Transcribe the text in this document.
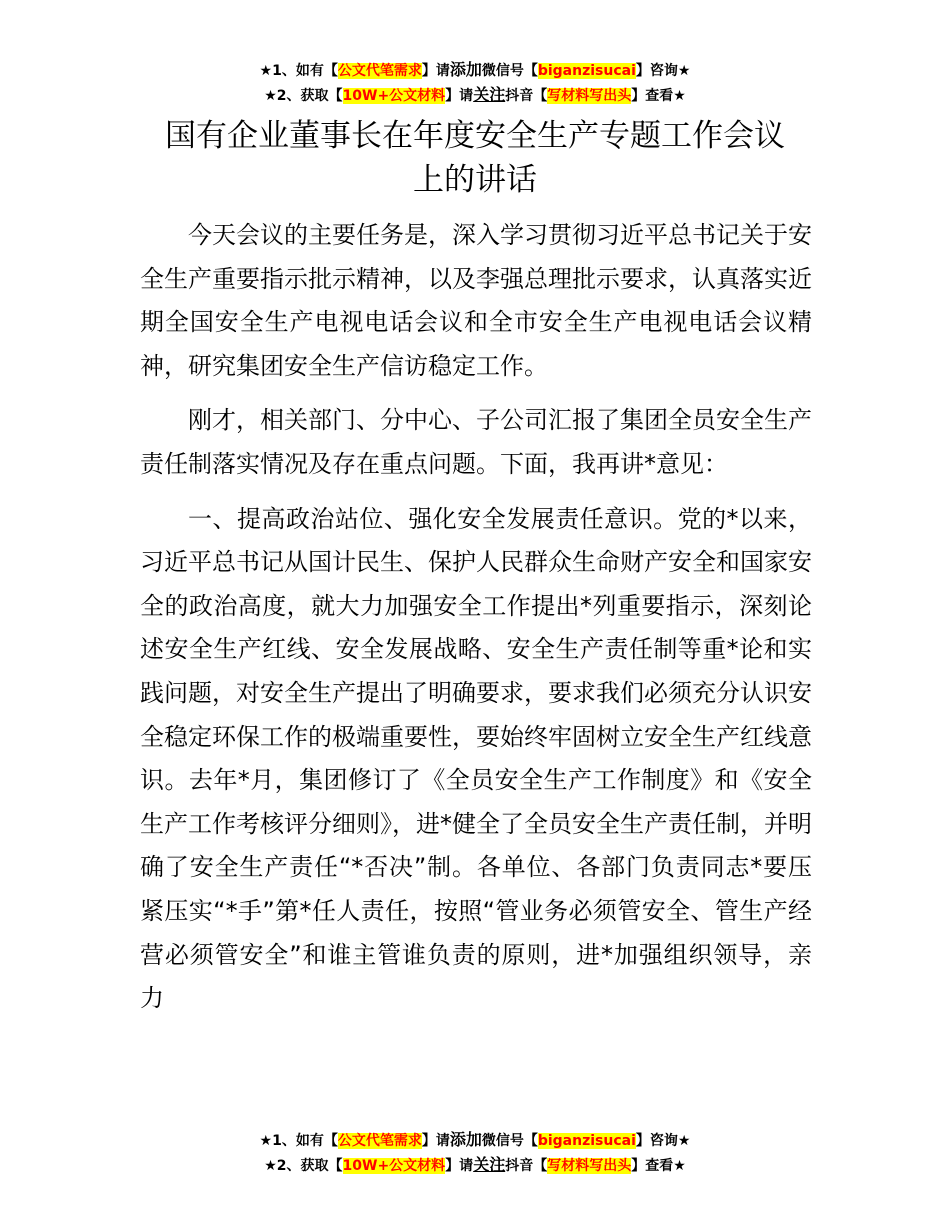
★1、如有【公文代笔需求】请添加微信号【biganzisucai】咨询★
★2、获取【10W+公文材料】请关注抖音【写材料写出头】查看★
国有企业董事长在年度安全生产专题工作会议
上的讲话

今天会议的主要任务是，深入学习贯彻习近平总书记关于安全生产重要指示批示精神，以及李强总理批示要求，认真落实近期全国安全生产电视电话会议和全市安全生产电视电话会议精神，研究集团安全生产信访稳定工作。

刚才，相关部门、分中心、子公司汇报了集团全员安全生产责任制落实情况及存在重点问题。下面，我再讲*意见：

一、提高政治站位、强化安全发展责任意识。党的*以来，习近平总书记从国计民生、保护人民群众生命财产安全和国家安全的政治高度，就大力加强安全工作提出*列重要指示，深刻论述安全生产红线、安全发展战略、安全生产责任制等重*论和实践问题，对安全生产提出了明确要求，要求我们必须充分认识安全稳定环保工作的极端重要性，要始终牢固树立安全生产红线意识。去年*月，集团修订了《全员安全生产工作制度》和《安全生产工作考核评分细则》，进*健全了全员安全生产责任制，并明确了安全生产责任“*否决”制。各单位、各部门负责同志*要压紧压实“*手”第*任人责任，按照“管业务必须管安全、管生产经营必须管安全”和谁主管谁负责的原则，进*加强组织领导，亲力

★1、如有【公文代笔需求】请添加微信号【biganzisucai】咨询★
★2、获取【10W+公文材料】请关注抖音【写材料写出头】查看★
